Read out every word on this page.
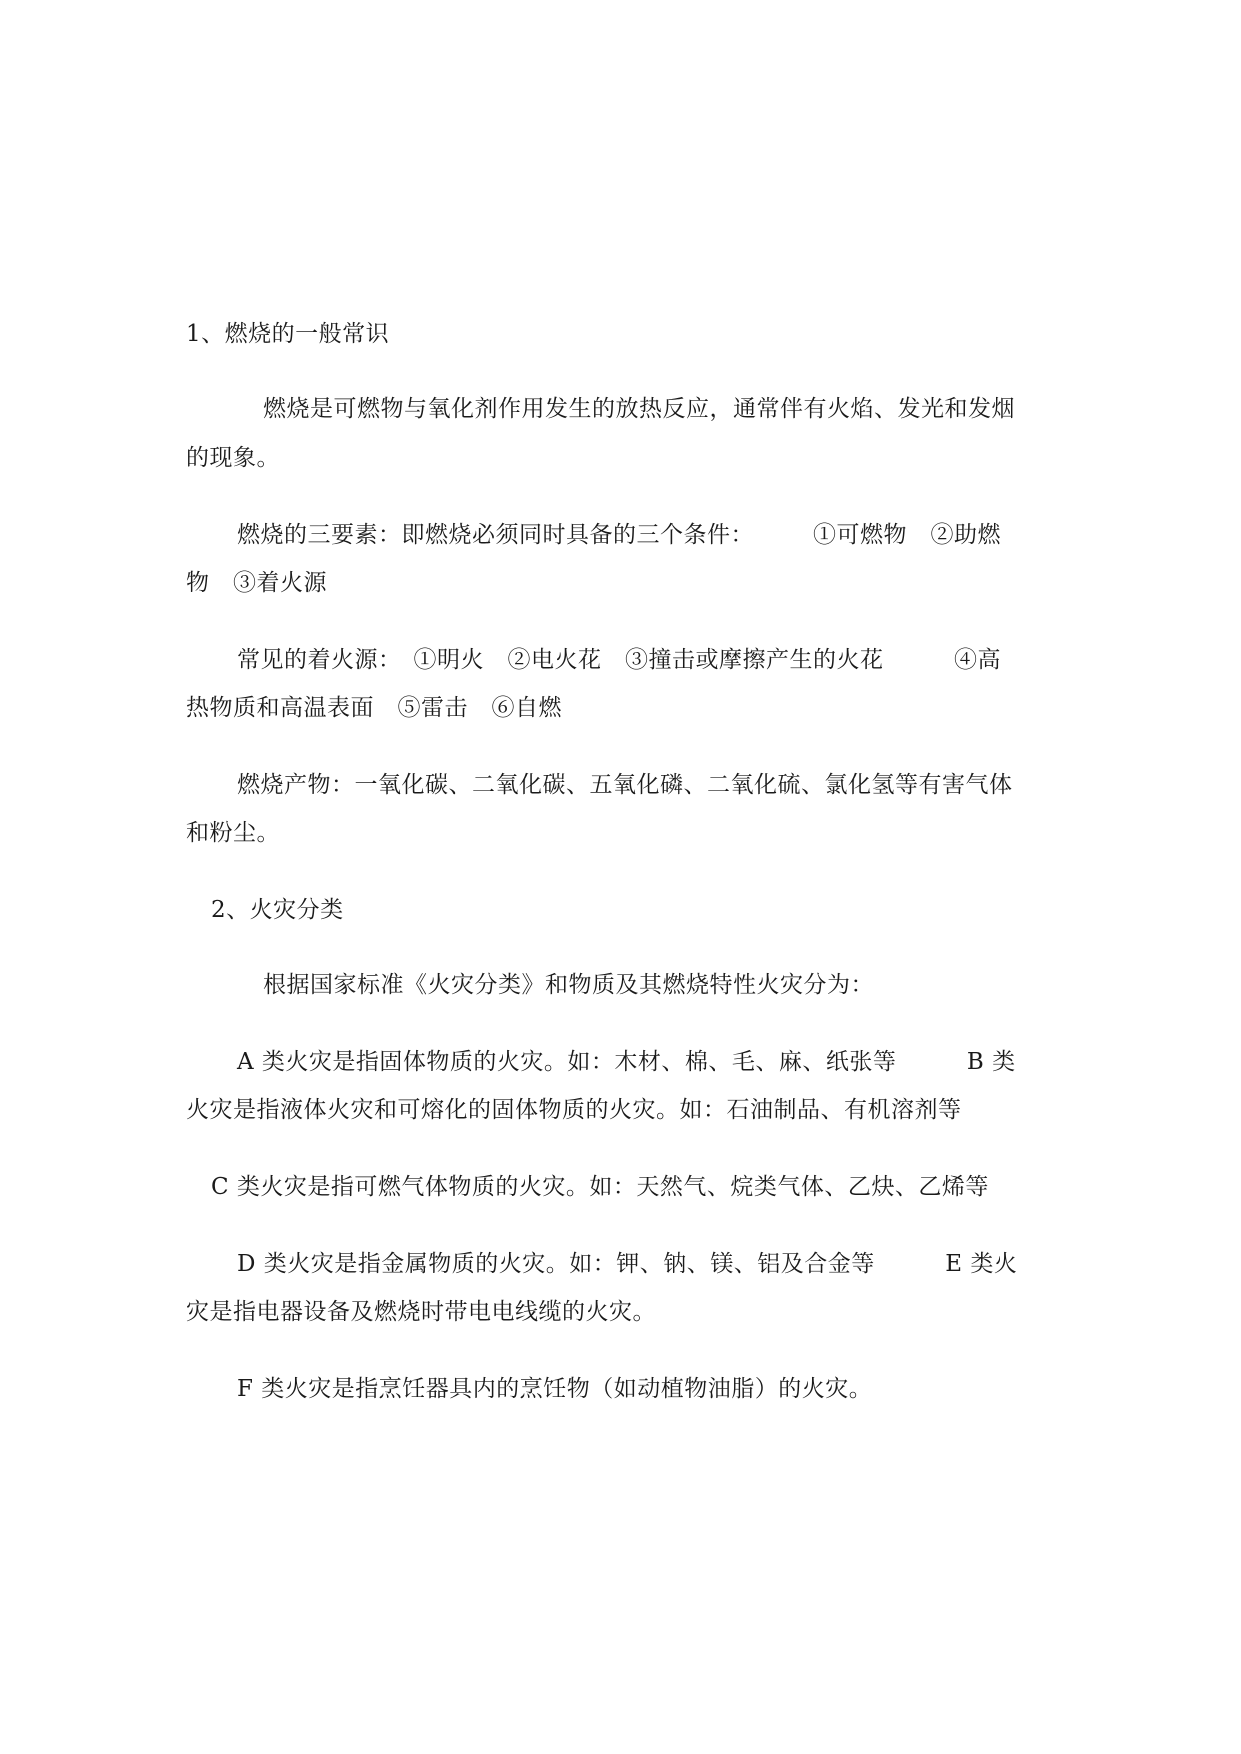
1、燃烧的一般常识
燃烧是可燃物与氧化剂作用发生的放热反应，通常伴有火焰、发光和发烟
的现象。
燃烧的三要素：即燃烧必须同时具备的三个条件：　　　①可燃物　②助燃
物　③着火源
常见的着火源：　①明火　②电火花　③撞击或摩擦产生的火花　　　④高
热物质和高温表面　⑤雷击　⑥自燃
燃烧产物：一氧化碳、二氧化碳、五氧化磷、二氧化硫、氯化氢等有害气体
和粉尘。
2、火灾分类
根据国家标准《火灾分类》和物质及其燃烧特性火灾分为：
A 类火灾是指固体物质的火灾。如：木材、棉、毛、麻、纸张等　　　B 类
火灾是指液体火灾和可熔化的固体物质的火灾。如：石油制品、有机溶剂等
C 类火灾是指可燃气体物质的火灾。如：天然气、烷类气体、乙炔、乙烯等
D 类火灾是指金属物质的火灾。如：钾、钠、镁、铝及合金等　　　E 类火
灾是指电器设备及燃烧时带电电线缆的火灾。
F 类火灾是指烹饪器具内的烹饪物（如动植物油脂）的火灾。
